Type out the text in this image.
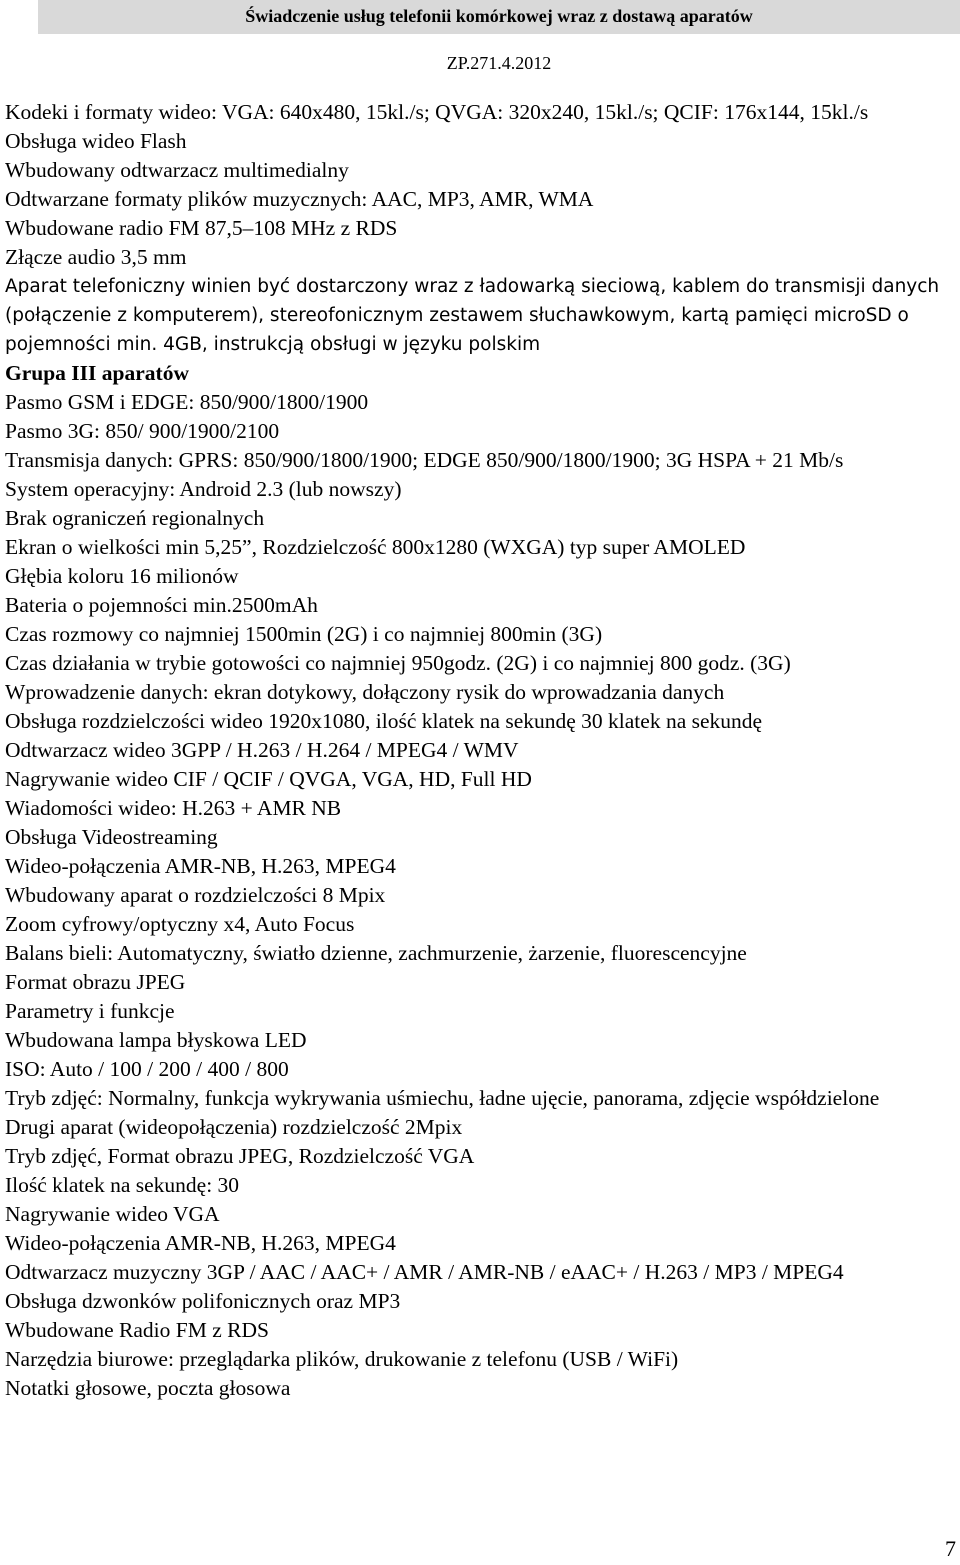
Świadczenie usług telefonii komórkowej wraz z dostawą aparatów
ZP.271.4.2012

Kodeki i formaty wideo: VGA: 640x480, 15kl./s; QVGA: 320x240, 15kl./s; QCIF: 176x144, 15kl./s

Obsługa wideo Flash

Wbudowany odtwarzacz multimedialny

Odtwarzane formaty plików muzycznych: AAC, MP3, AMR, WMA

Wbudowane radio FM 87,5–108 MHz z RDS

Złącze audio 3,5 mm

Aparat telefoniczny winien być dostarczony wraz z ładowarką sieciową, kablem do transmisji danych (połączenie z komputerem), stereofonicznym zestawem słuchawkowym, kartą pamięci microSD o pojemności min. 4GB, instrukcją obsługi w języku polskim

Grupa III aparatów

Pasmo GSM i EDGE: 850/900/1800/1900

Pasmo 3G: 850/ 900/1900/2100

Transmisja danych: GPRS: 850/900/1800/1900; EDGE 850/900/1800/1900; 3G HSPA + 21 Mb/s

System operacyjny: Android 2.3 (lub nowszy)

Brak ograniczeń regionalnych

Ekran o wielkości min 5,25”, Rozdzielczość 800x1280 (WXGA) typ super AMOLED

Głębia koloru 16 milionów

Bateria o pojemności min.2500mAh

Czas rozmowy co najmniej 1500min (2G) i co najmniej 800min (3G)

Czas działania w trybie gotowości co najmniej 950godz. (2G) i co najmniej 800 godz. (3G)

Wprowadzenie danych: ekran dotykowy, dołączony rysik do wprowadzania danych

Obsługa rozdzielczości wideo 1920x1080, ilość klatek na sekundę 30 klatek na sekundę

Odtwarzacz wideo 3GPP / H.263 / H.264 / MPEG4 / WMV

Nagrywanie wideo CIF / QCIF / QVGA, VGA, HD, Full HD

Wiadomości wideo: H.263 + AMR NB

Obsługa Videostreaming

Wideo-połączenia AMR-NB, H.263, MPEG4

Wbudowany aparat o rozdzielczości 8 Mpix

Zoom cyfrowy/optyczny x4, Auto Focus

Balans bieli: Automatyczny, światło dzienne, zachmurzenie, żarzenie, fluorescencyjne

Format obrazu JPEG

Parametry i funkcje

Wbudowana lampa błyskowa LED

ISO: Auto / 100 / 200 / 400 / 800

Tryb zdjęć: Normalny, funkcja wykrywania uśmiechu, ładne ujęcie, panorama, zdjęcie współdzielone

Drugi aparat (wideopołączenia) rozdzielczość 2Mpix

Tryb zdjęć, Format obrazu JPEG, Rozdzielczość VGA

Ilość klatek na sekundę: 30

Nagrywanie wideo VGA

Wideo-połączenia AMR-NB, H.263, MPEG4

Odtwarzacz muzyczny 3GP / AAC / AAC+ / AMR / AMR-NB / eAAC+ / H.263 / MP3 / MPEG4

Obsługa dzwonków polifonicznych oraz MP3

Wbudowane Radio FM z RDS

Narzędzia biurowe: przeglądarka plików, drukowanie z telefonu (USB / WiFi)

Notatki głosowe, poczta głosowa

7
